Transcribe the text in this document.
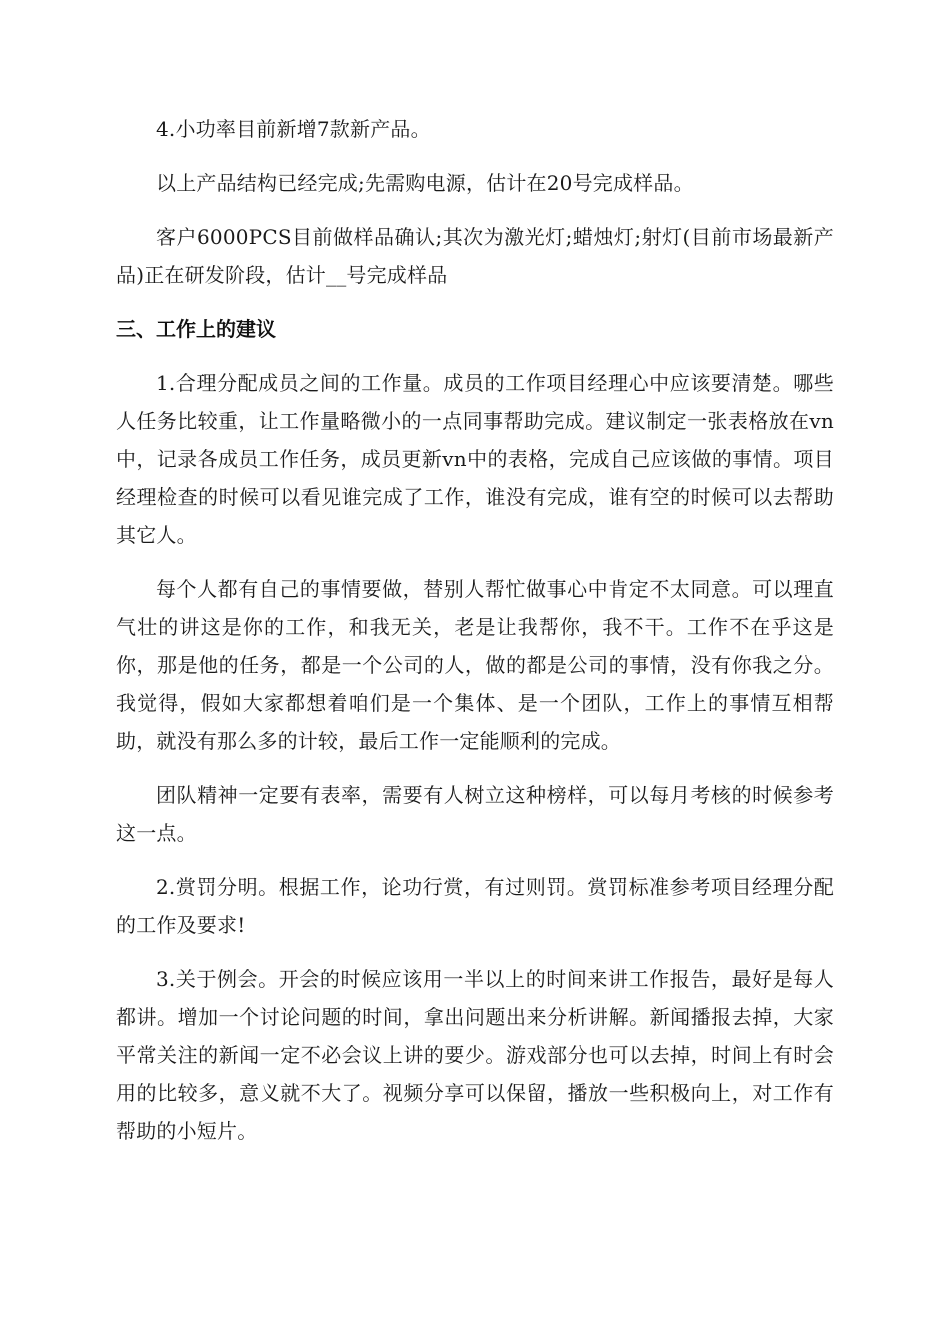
4.小功率目前新增7款新产品。

以上产品结构已经完成;先需购电源，估计在20号完成样品。

客户6000PCS目前做样品确认;其次为激光灯;蜡烛灯;射灯(目前市场最新产品)正在研发阶段，估计__号完成样品

三、工作上的建议

1.合理分配成员之间的工作量。成员的工作项目经理心中应该要清楚。哪些人任务比较重，让工作量略微小的一点同事帮助完成。建议制定一张表格放在vn中，记录各成员工作任务，成员更新vn中的表格，完成自己应该做的事情。项目经理检查的时候可以看见谁完成了工作，谁没有完成，谁有空的时候可以去帮助其它人。

每个人都有自己的事情要做，替别人帮忙做事心中肯定不太同意。可以理直气壮的讲这是你的工作，和我无关，老是让我帮你，我不干。工作不在乎这是你，那是他的任务，都是一个公司的人，做的都是公司的事情，没有你我之分。我觉得，假如大家都想着咱们是一个集体、是一个团队，工作上的事情互相帮助，就没有那么多的计较，最后工作一定能顺利的完成。

团队精神一定要有表率，需要有人树立这种榜样，可以每月考核的时候参考这一点。

2.赏罚分明。根据工作，论功行赏，有过则罚。赏罚标准参考项目经理分配的工作及要求!

3.关于例会。开会的时候应该用一半以上的时间来讲工作报告，最好是每人都讲。增加一个讨论问题的时间，拿出问题出来分析讲解。新闻播报去掉，大家平常关注的新闻一定不必会议上讲的要少。游戏部分也可以去掉，时间上有时会用的比较多，意义就不大了。视频分享可以保留，播放一些积极向上，对工作有帮助的小短片。
